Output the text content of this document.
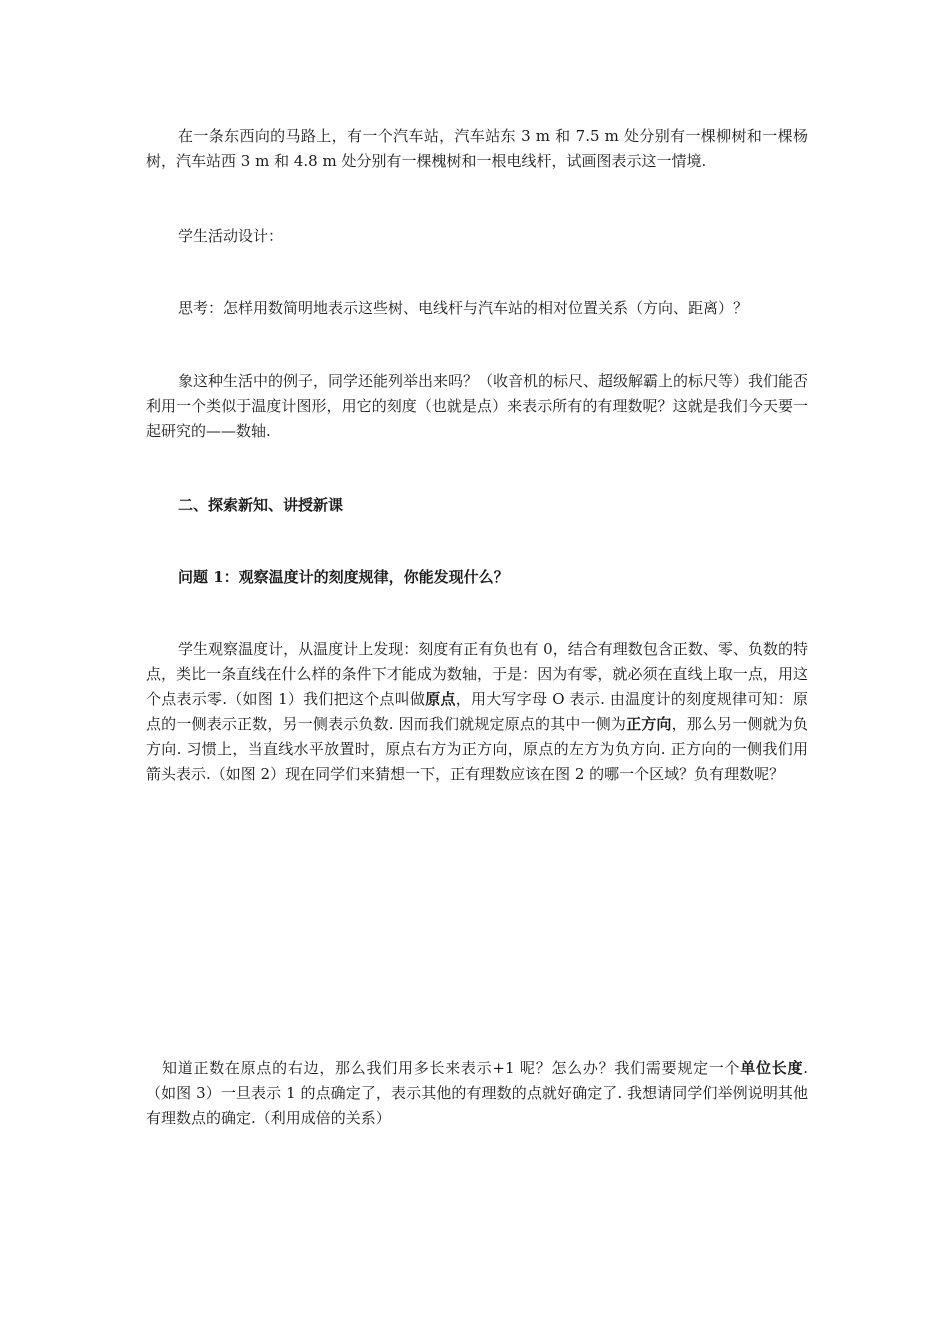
在一条东西向的马路上，有一个汽车站，汽车站东 3 m 和 7.5 m 处分别有一棵柳树和一棵杨树，汽车站西 3 m 和 4.8 m 处分别有一棵槐树和一根电线杆，试画图表示这一情境.

学生活动设计：

思考：怎样用数简明地表示这些树、电线杆与汽车站的相对位置关系（方向、距离）？

象这种生活中的例子，同学还能列举出来吗？（收音机的标尺、超级解霸上的标尺等）我们能否利用一个类似于温度计图形，用它的刻度（也就是点）来表示所有的有理数呢？这就是我们今天要一起研究的——数轴.

二、探索新知、讲授新课

问题 1：观察温度计的刻度规律，你能发现什么？

学生观察温度计，从温度计上发现：刻度有正有负也有 0，结合有理数包含正数、零、负数的特点，类比一条直线在什么样的条件下才能成为数轴，于是：因为有零，就必须在直线上取一点，用这个点表示零.（如图 1）我们把这个点叫做原点，用大写字母 O 表示. 由温度计的刻度规律可知：原点的一侧表示正数，另一侧表示负数. 因而我们就规定原点的其中一侧为正方向，那么另一侧就为负方向. 习惯上，当直线水平放置时，原点右方为正方向，原点的左方为负方向. 正方向的一侧我们用箭头表示.（如图 2）现在同学们来猜想一下，正有理数应该在图 2 的哪一个区域？负有理数呢？

知道正数在原点的右边，那么我们用多长来表示+1 呢？怎么办？我们需要规定一个单位长度.（如图 3）一旦表示 1 的点确定了，表示其他的有理数的点就好确定了. 我想请同学们举例说明其他有理数点的确定.（利用成倍的关系）
